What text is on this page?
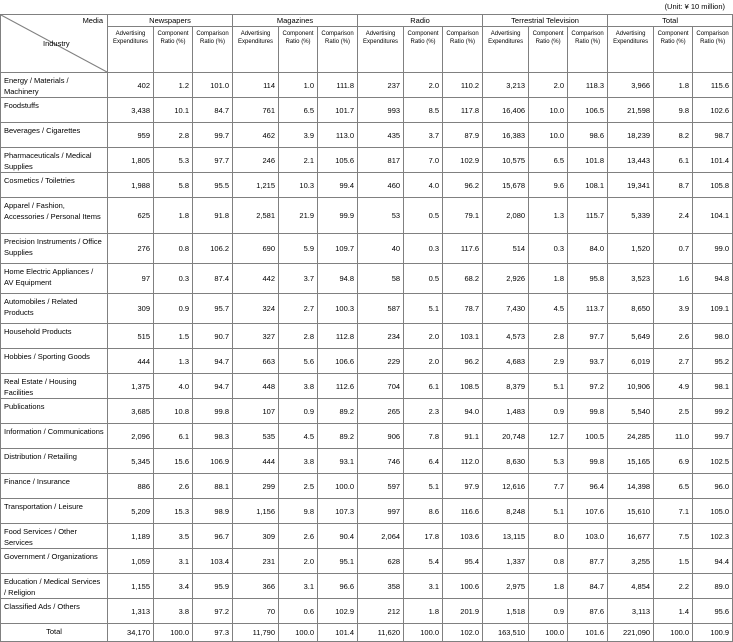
(Unit: ¥ 10 million)
Media
Industry	Newspapers			Magazines			Radio			Terrestrial Television			Total		
	Advertising Expenditures	Component Ratio (%)	Comparison Ratio (%)	Advertising Expenditures	Component Ratio (%)	Comparison Ratio (%)	Advertising Expenditures	Component Ratio (%)	Comparison Ratio (%)	Advertising Expenditures	Component Ratio (%)	Comparison Ratio (%)	Advertising Expenditures	Component Ratio (%)	Comparison Ratio (%)
Energy / Materials / Machinery	402	1.2	101.0	114	1.0	111.8	237	2.0	110.2	3,213	2.0	118.3	3,966	1.8	115.6
Foodstuffs	3,438	10.1	84.7	761	6.5	101.7	993	8.5	117.8	16,406	10.0	106.5	21,598	9.8	102.6
Beverages / Cigarettes	959	2.8	99.7	462	3.9	113.0	435	3.7	87.9	16,383	10.0	98.6	18,239	8.2	98.7
Pharmaceuticals / Medical Supplies	1,805	5.3	97.7	246	2.1	105.6	817	7.0	102.9	10,575	6.5	101.8	13,443	6.1	101.4
Cosmetics / Toiletries	1,988	5.8	95.5	1,215	10.3	99.4	460	4.0	96.2	15,678	9.6	108.1	19,341	8.7	105.8
Apparel / Fashion, Accessories / Personal Items	625	1.8	91.8	2,581	21.9	99.9	53	0.5	79.1	2,080	1.3	115.7	5,339	2.4	104.1
Precision Instruments / Office Supplies	276	0.8	106.2	690	5.9	109.7	40	0.3	117.6	514	0.3	84.0	1,520	0.7	99.0
Home Electric Appliances / AV Equipment	97	0.3	87.4	442	3.7	94.8	58	0.5	68.2	2,926	1.8	95.8	3,523	1.6	94.8
Automobiles / Related Products	309	0.9	95.7	324	2.7	100.3	587	5.1	78.7	7,430	4.5	113.7	8,650	3.9	109.1
Household Products	515	1.5	90.7	327	2.8	112.8	234	2.0	103.1	4,573	2.8	97.7	5,649	2.6	98.0
Hobbies / Sporting Goods	444	1.3	94.7	663	5.6	106.6	229	2.0	96.2	4,683	2.9	93.7	6,019	2.7	95.2
Real Estate / Housing Facilities	1,375	4.0	94.7	448	3.8	112.6	704	6.1	108.5	8,379	5.1	97.2	10,906	4.9	98.1
Publications	3,685	10.8	99.8	107	0.9	89.2	265	2.3	94.0	1,483	0.9	99.8	5,540	2.5	99.2
Information / Communications	2,096	6.1	98.3	535	4.5	89.2	906	7.8	91.1	20,748	12.7	100.5	24,285	11.0	99.7
Distribution / Retailing	5,345	15.6	106.9	444	3.8	93.1	746	6.4	112.0	8,630	5.3	99.8	15,165	6.9	102.5
Finance / Insurance	886	2.6	88.1	299	2.5	100.0	597	5.1	97.9	12,616	7.7	96.4	14,398	6.5	96.0
Transportation / Leisure	5,209	15.3	98.9	1,156	9.8	107.3	997	8.6	116.6	8,248	5.1	107.6	15,610	7.1	105.0
Food Services / Other Services	1,189	3.5	96.7	309	2.6	90.4	2,064	17.8	103.6	13,115	8.0	103.0	16,677	7.5	102.3
Government / Organizations	1,059	3.1	103.4	231	2.0	95.1	628	5.4	95.4	1,337	0.8	87.7	3,255	1.5	94.4
Education / Medical Services / Religion	1,155	3.4	95.9	366	3.1	96.6	358	3.1	100.6	2,975	1.8	84.7	4,854	2.2	89.0
Classified Ads / Others	1,313	3.8	97.2	70	0.6	102.9	212	1.8	201.9	1,518	0.9	87.6	3,113	1.4	95.6
Total	34,170	100.0	97.3	11,790	100.0	101.4	11,620	100.0	102.0	163,510	100.0	101.6	221,090	100.0	100.9
